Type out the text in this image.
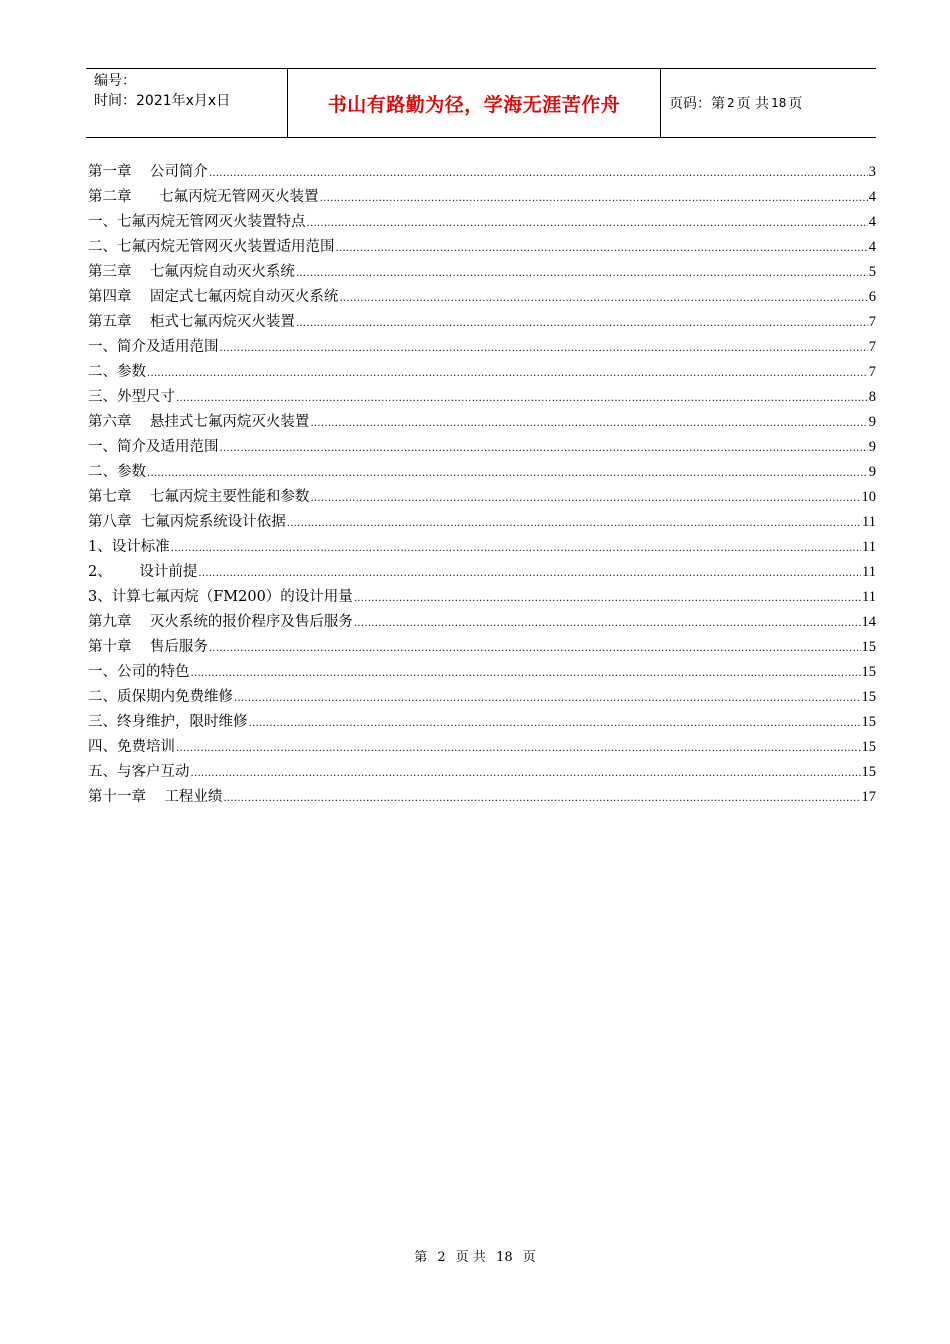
编号：
时间：2021年x月x日	书山有路勤为径，学海无涯苦作舟	页码：第 2 页 共 18 页
第一章    公司简介 .....	3
第二章      七氟丙烷无管网灭火装置 .....	4
一、七氟丙烷无管网灭火装置特点 .....	4
二、七氟丙烷无管网灭火装置适用范围 .....	4
第三章    七氟丙烷自动灭火系统 .....	5
第四章    固定式七氟丙烷自动灭火系统 .....	6
第五章    柜式七氟丙烷灭火装置 .....	7
一、简介及适用范围 .....	7
二、参数 .....	7
三、外型尺寸 .....	8
第六章    悬挂式七氟丙烷灭火装置 .....	9
一、简介及适用范围 .....	9
二、参数 .....	9
第七章    七氟丙烷主要性能和参数 .....	10
第八章  七氟丙烷系统设计依据 .....	11
1、设计标准 .....	11
2、      设计前提 .....	11
3、计算七氟丙烷（FM200）的设计用量 .....	11
第九章    灭火系统的报价程序及售后服务 .....	14
第十章    售后服务 .....	15
一、公司的特色 .....	15
二、质保期内免费维修 .....	15
三、终身维护，限时维修 .....	15
四、免费培训 .....	15
五、与客户互动 .....	15
第十一章    工程业绩 .....	17
第 2 页 共 18 页
